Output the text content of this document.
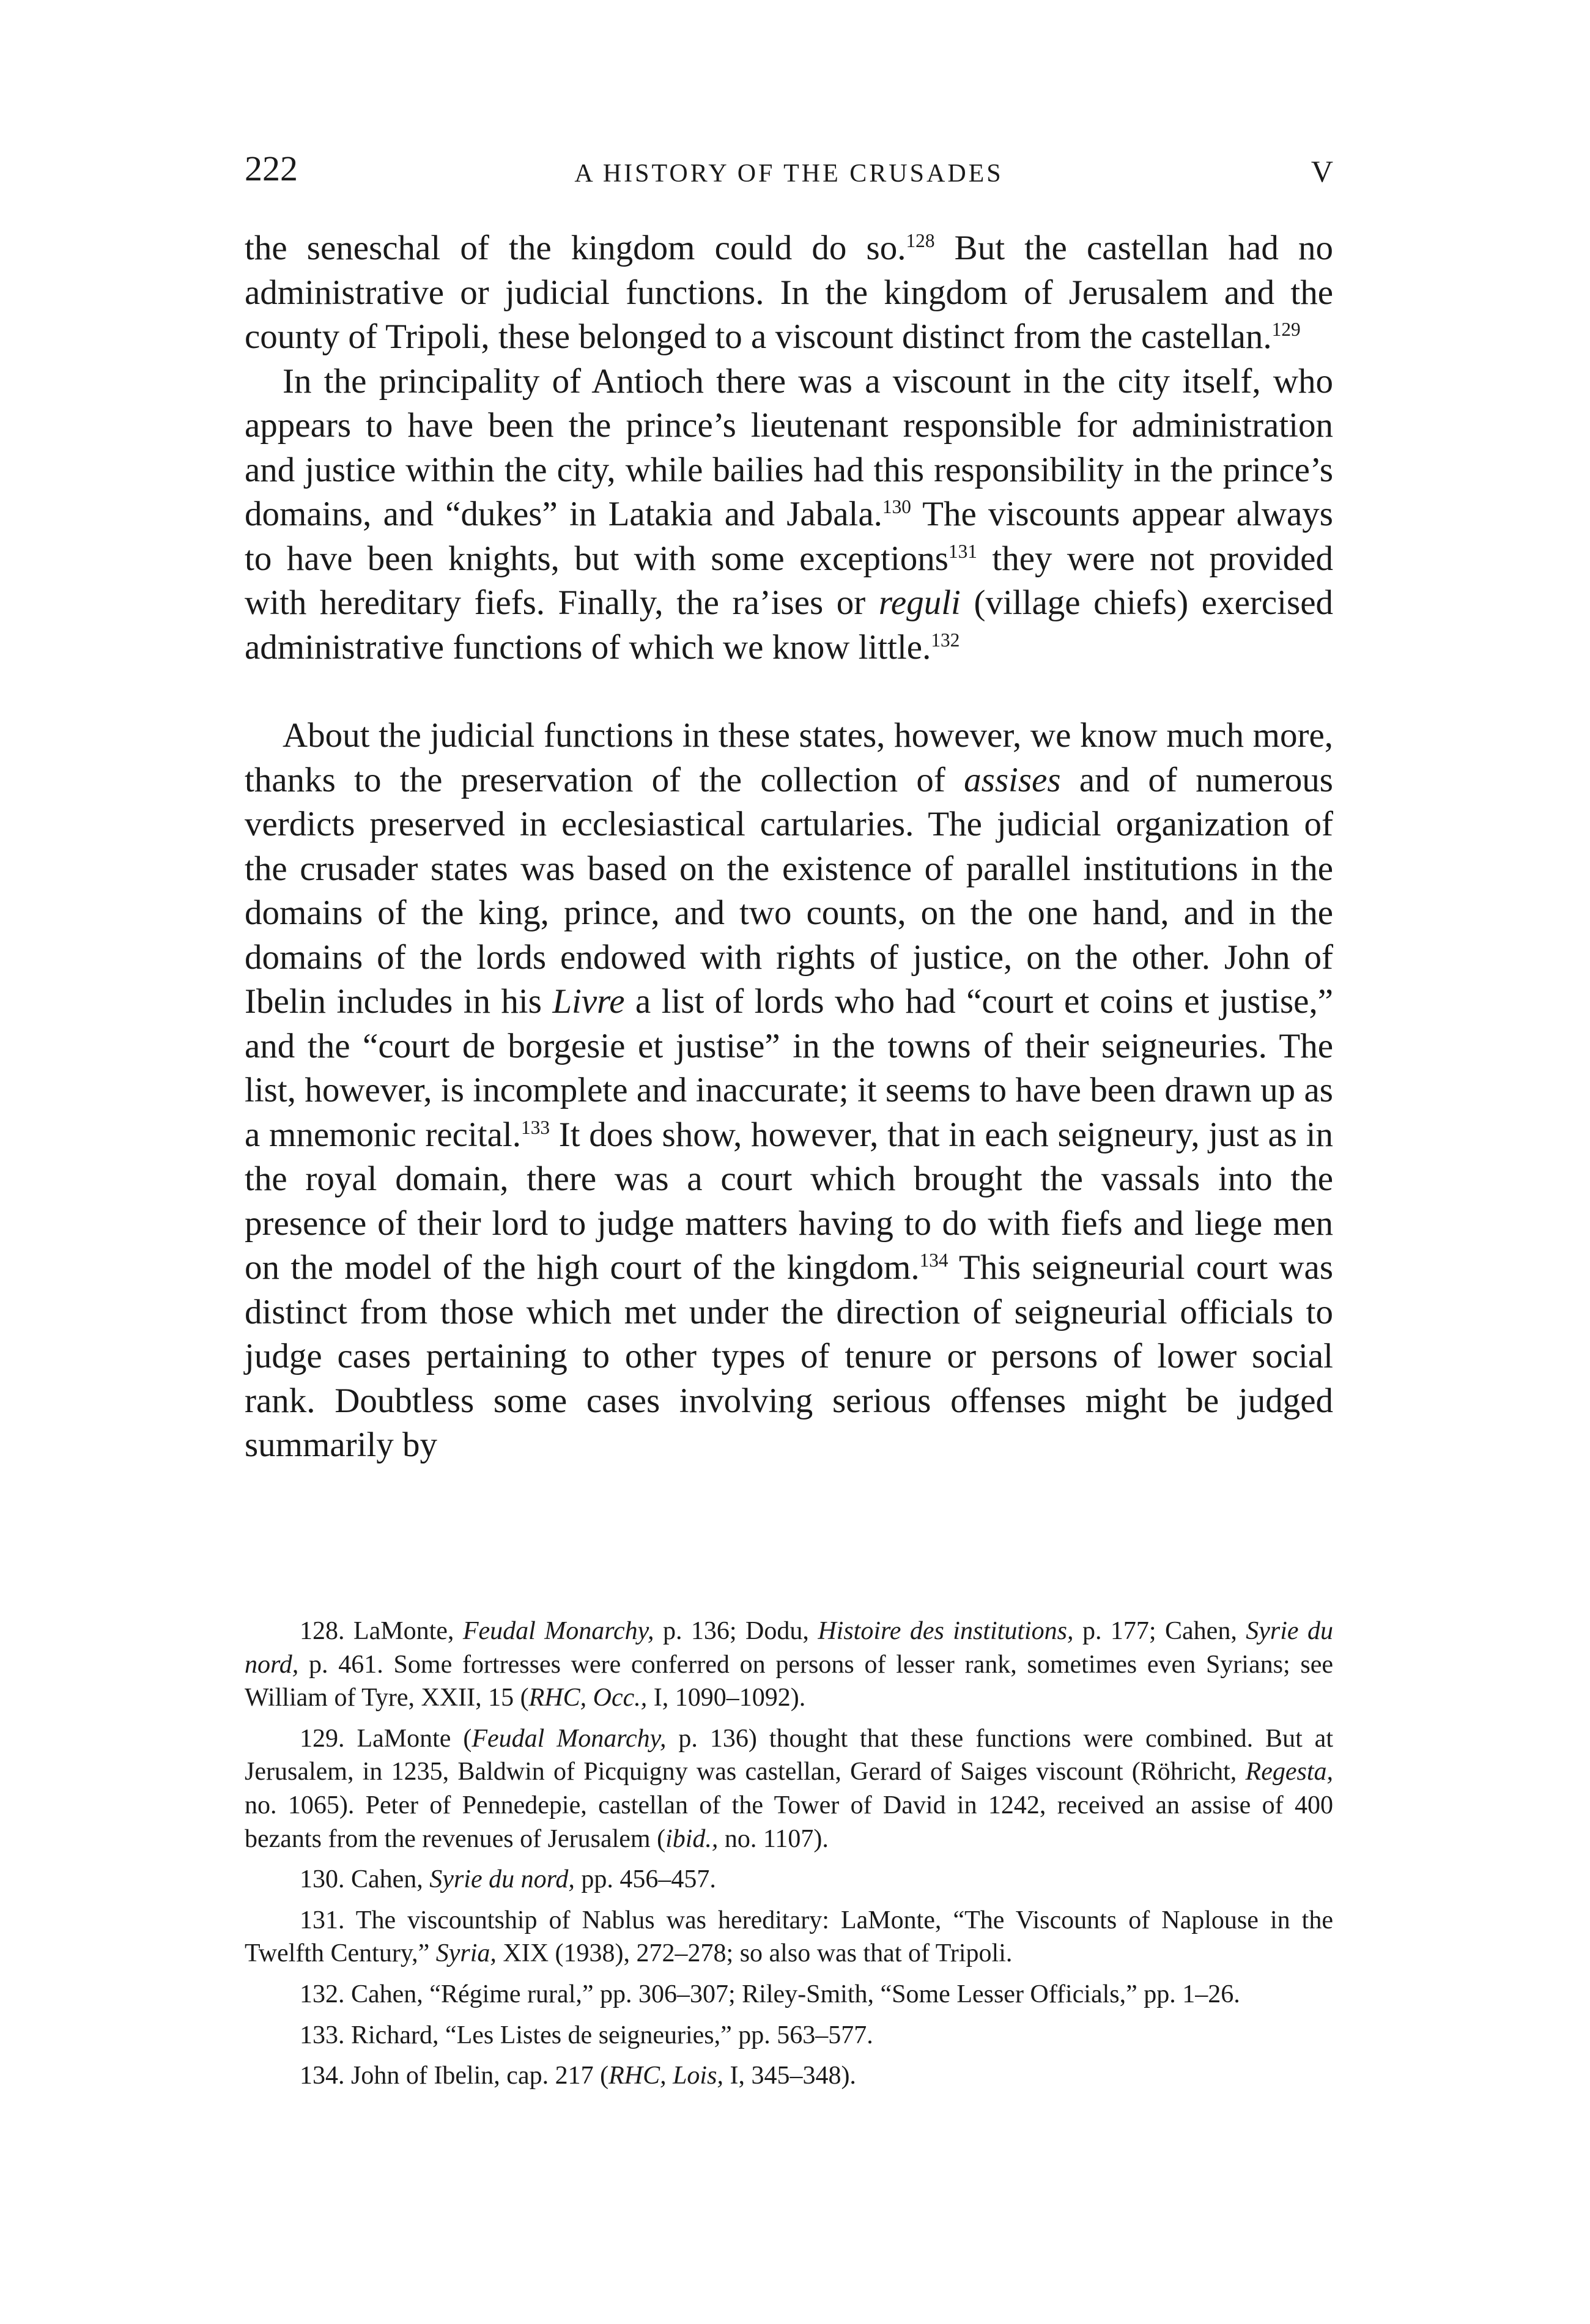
222	A HISTORY OF THE CRUSADES	V

the seneschal of the kingdom could do so.$^{128}$ But the castellan had no administrative or judicial functions. In the kingdom of Jerusalem and the county of Tripoli, these belonged to a viscount distinct from the castellan.$^{129}$

In the principality of Antioch there was a viscount in the city itself, who appears to have been the prince’s lieutenant responsible for administration and justice within the city, while bailies had this responsibility in the prince’s domains, and “dukes” in Latakia and Jabala.$^{130}$ The viscounts appear always to have been knights, but with some exceptions$^{131}$ they were not provided with hereditary fiefs. Finally, the ra’ises or reguli (village chiefs) exercised administrative functions of which we know little.$^{132}$

About the judicial functions in these states, however, we know much more, thanks to the preservation of the collection of assises and of numerous verdicts preserved in ecclesiastical cartularies. The judicial organization of the crusader states was based on the existence of parallel institutions in the domains of the king, prince, and two counts, on the one hand, and in the domains of the lords endowed with rights of justice, on the other. John of Ibelin includes in his Livre a list of lords who had “court et coins et justise,” and the “court de borgesie et justise” in the towns of their seigneuries. The list, however, is incomplete and inaccurate; it seems to have been drawn up as a mnemonic recital.$^{133}$ It does show, however, that in each seigneury, just as in the royal domain, there was a court which brought the vassals into the presence of their lord to judge matters having to do with fiefs and liege men on the model of the high court of the kingdom.$^{134}$ This seigneurial court was distinct from those which met under the direction of seigneurial officials to judge cases pertaining to other types of tenure or persons of lower social rank. Doubtless some cases involving serious offenses might be judged summarily by

128. LaMonte, Feudal Monarchy, p. 136; Dodu, Histoire des institutions, p. 177; Cahen, Syrie du nord, p. 461. Some fortresses were conferred on persons of lesser rank, sometimes even Syrians; see William of Tyre, XXII, 15 (RHC, Occ., I, 1090–1092).

129. LaMonte (Feudal Monarchy, p. 136) thought that these functions were combined. But at Jerusalem, in 1235, Baldwin of Picquigny was castellan, Gerard of Saiges viscount (Röhricht, Regesta, no. 1065). Peter of Pennedepie, castellan of the Tower of David in 1242, received an assise of 400 bezants from the revenues of Jerusalem (ibid., no. 1107).

130. Cahen, Syrie du nord, pp. 456–457.

131. The viscountship of Nablus was hereditary: LaMonte, “The Viscounts of Naplouse in the Twelfth Century,” Syria, XIX (1938), 272–278; so also was that of Tripoli.

132. Cahen, “Régime rural,” pp. 306–307; Riley-Smith, “Some Lesser Officials,” pp. 1–26.

133. Richard, “Les Listes de seigneuries,” pp. 563–577.

134. John of Ibelin, cap. 217 (RHC, Lois, I, 345–348).
